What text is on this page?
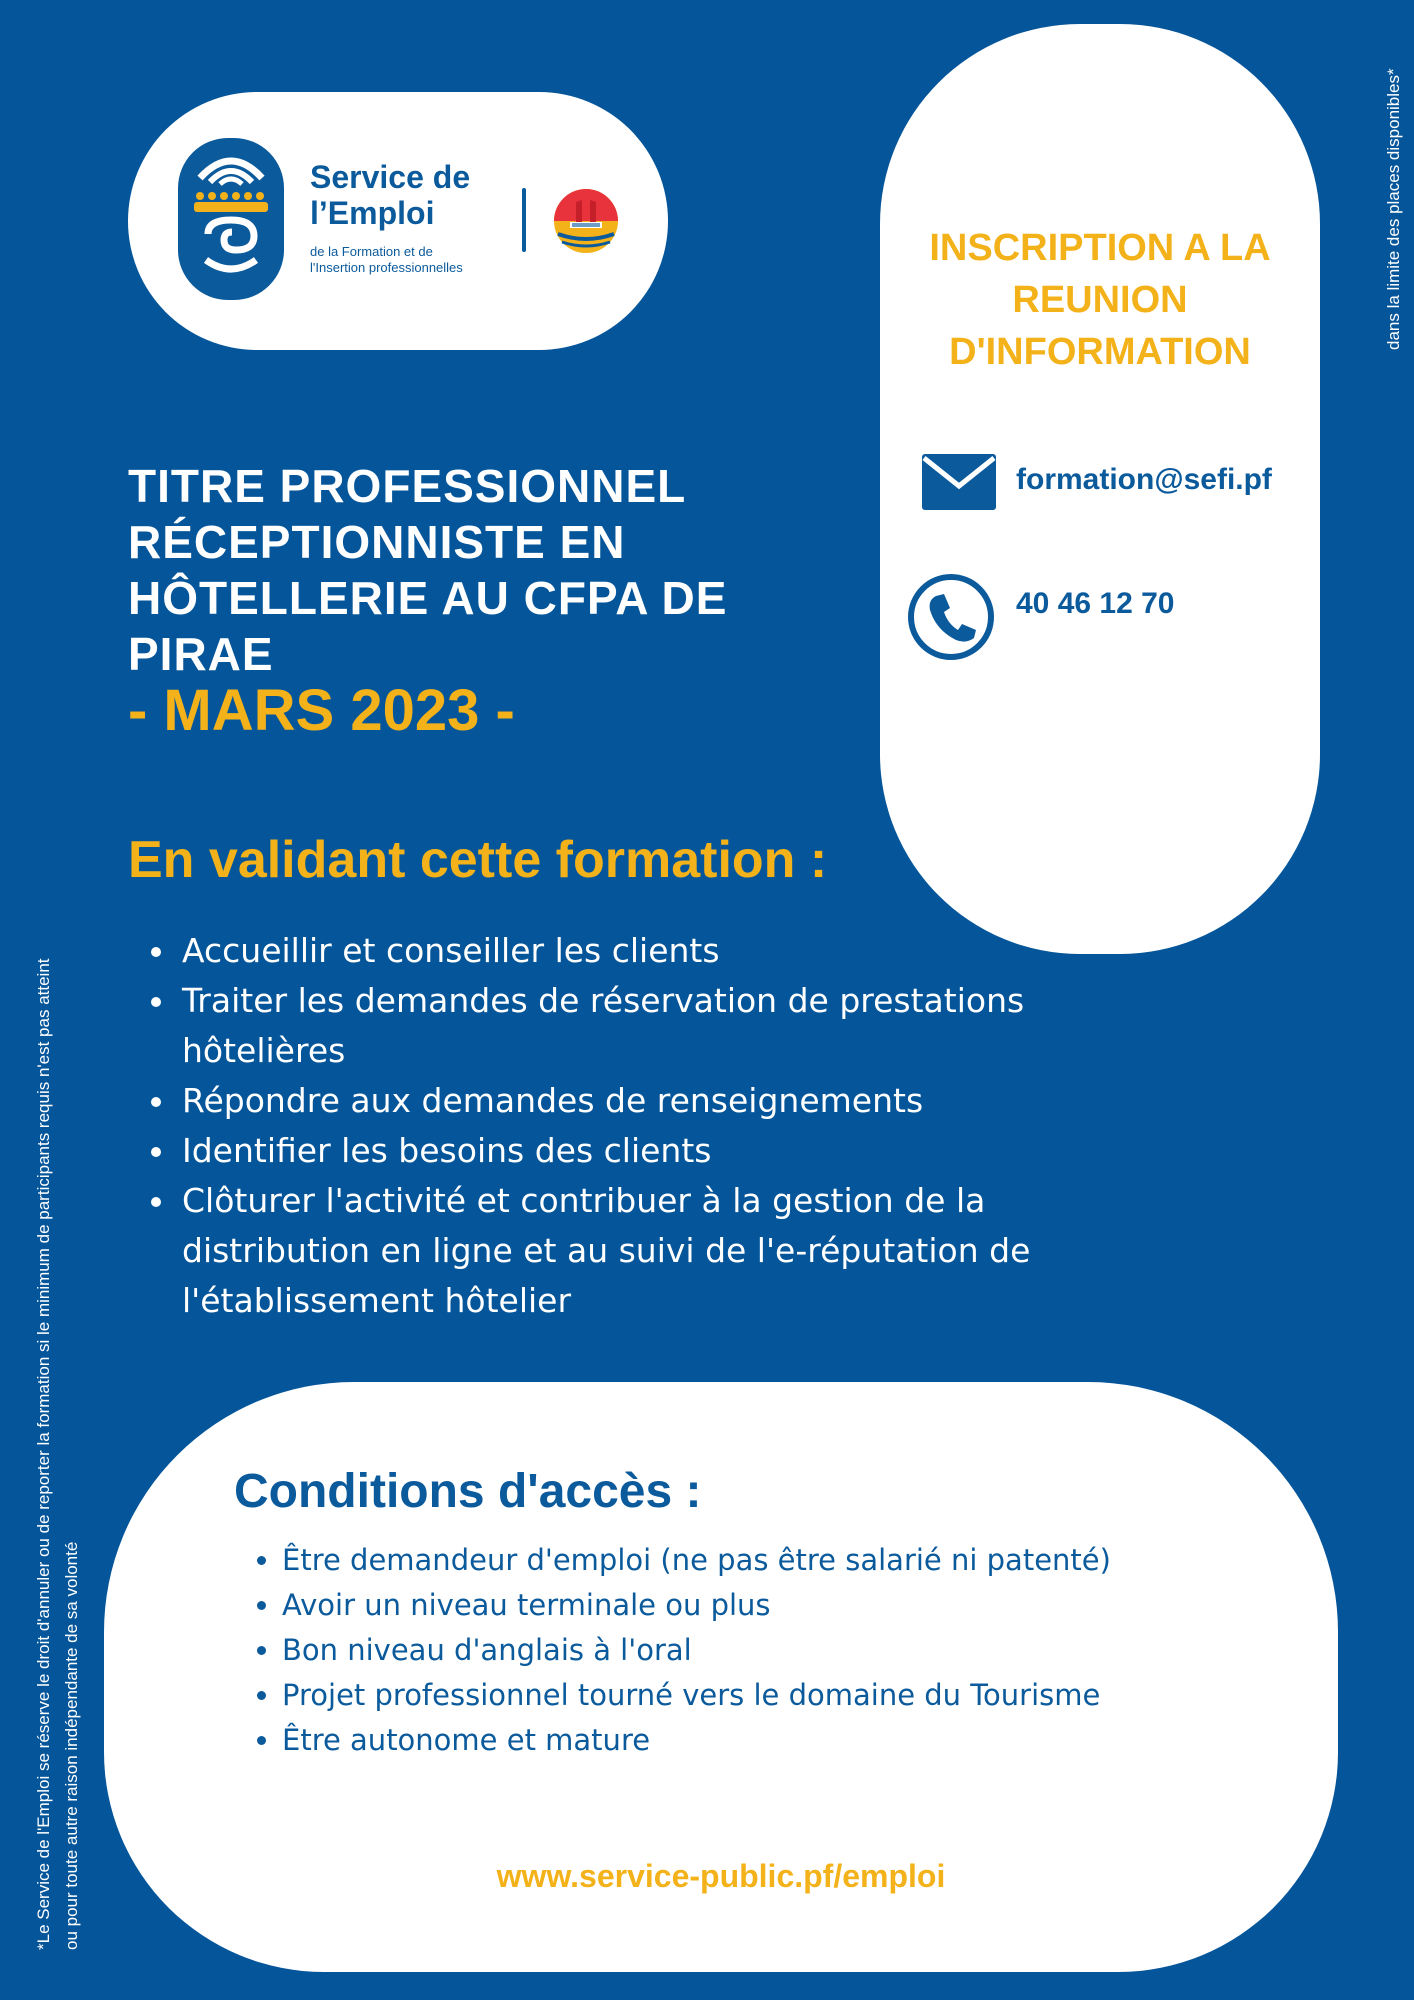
Service de
l’Emploi
de la Formation et de
l'Insertion professionnelles	INSCRIPTION A LA REUNION D'INFORMATION
formation@sefi.pf
40 46 12 70
TITRE PROFESSIONNEL RÉCEPTIONNISTE EN HÔTELLERIE AU CFPA DE PIRAE
- MARS 2023 -
En validant cette formation :
• Accueillir et conseiller les clients
• Traiter les demandes de réservation de prestations hôtelières
• Répondre aux demandes de renseignements
• Identifier les besoins des clients
• Clôturer l'activité et contribuer à la gestion de la distribution en ligne et au suivi de l'e-réputation de l'établissement hôtelier
Conditions d'accès :
• Être demandeur d'emploi (ne pas être salarié ni patenté)
• Avoir un niveau terminale ou plus
• Bon niveau d'anglais à l'oral
• Projet professionnel tourné vers le domaine du Tourisme
• Être autonome et mature
www.service-public.pf/emploi
*Le Service de l'Emploi se réserve le droit d'annuler ou de reporter la formation si le minimum de participants requis n'est pas atteint ou pour toute autre raison indépendante de sa volonté
dans la limite des places disponibles*
